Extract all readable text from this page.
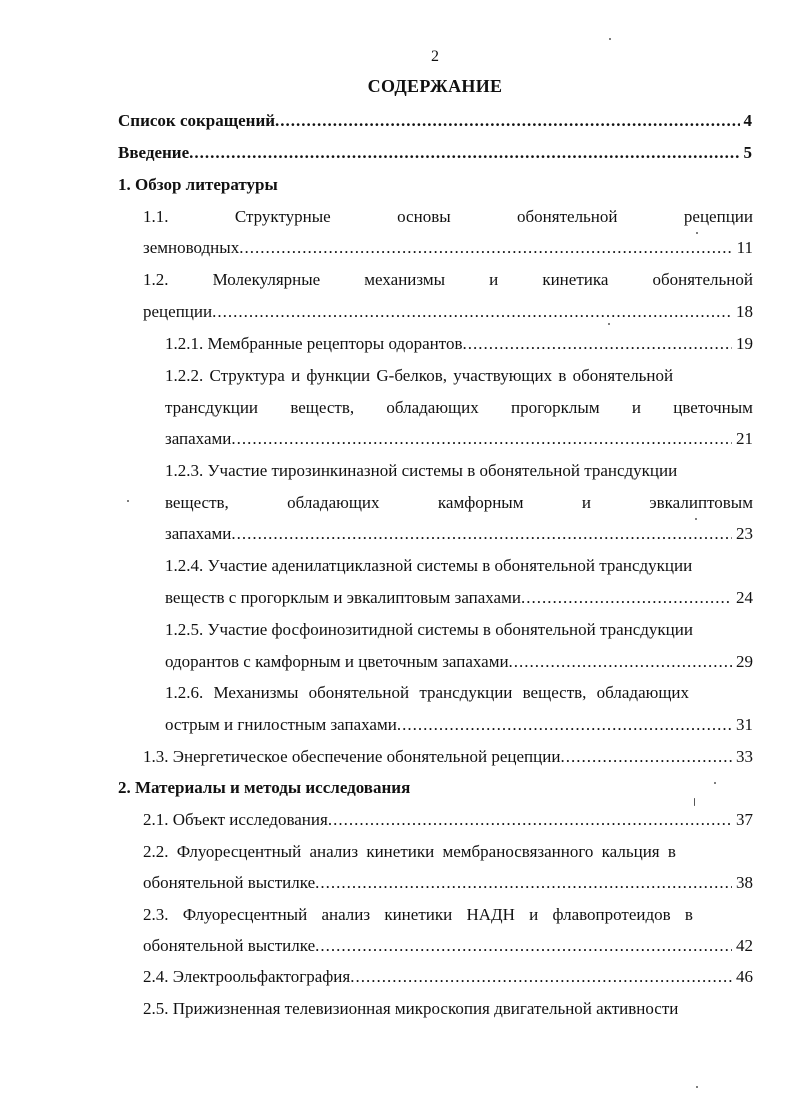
2
СОДЕРЖАНИЕ
Список сокращений .....	4
Введение .....	5
1. Обзор литературы
1.1.	Структурные	основы	обонятельной	рецепции
земноводных .....	11
1.2.	Молекулярные	механизмы	и	кинетика	обонятельной
рецепции .....	18
1.2.1. Мембранные рецепторы одорантов .....	19
1.2.2. Структура и функции G-белков, участвующих в обонятельной
трансдукции веществ, обладающих прогорклым и цветочным
запахами .....	21
1.2.3. Участие тирозинкиназной системы в обонятельной трансдукции
веществ,	обладающих	камфорным	и	эвкалиптовым
запахами .....	23
1.2.4. Участие аденилатциклазной системы в обонятельной трансдукции
веществ с прогорклым и эвкалиптовым запахами .....	24
1.2.5. Участие фосфоинозитидной системы в обонятельной трансдукции
одорантов с камфорным и цветочным запахами .....	29
1.2.6. Механизмы обонятельной трансдукции веществ, обладающих
острым и гнилостным запахами .....	31
1.3. Энергетическое обеспечение обонятельной рецепции .....	33
2. Материалы и методы исследования
2.1. Объект исследования .....	37
2.2. Флуоресцентный анализ кинетики мембраносвязанного кальция в
обонятельной выстилке .....	38
2.3. Флуоресцентный анализ кинетики НАДН и флавопротеидов в
обонятельной выстилке .....	42
2.4. Электроольфактография .....	46
2.5. Прижизненная телевизионная микроскопия двигательной активности
